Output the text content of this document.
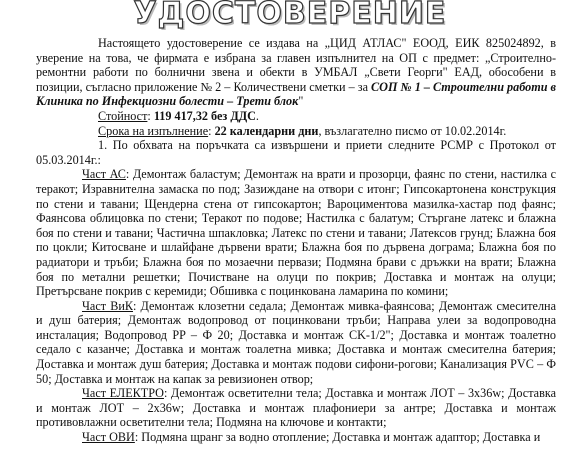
УДОСТОВЕРЕНИЕ

Настоящето удостоверение се издава на „ЦИД АТЛАС" ЕООД, ЕИК 825024892, в уверение на това, че фирмата е избрана за главен изпълнител на ОП с предмет: „Строително-ремонтни работи по болнични звена и обекти в УМБАЛ „Свети Георги" ЕАД, обособени в позиции, съгласно приложение № 2 – Количествени сметки – за СОП № 1 – Строителни работи в Клиника по Инфекциозни болести – Трети блок"

Стойност: 119 417,32 без ДДС.

Срока на изпълнение: 22 календарни дни, възлагателно писмо от 10.02.2014г.

1. По обхвата на поръчката са извършени и приети следните РСМР с Протокол от 05.03.2014г.:

Част АС: Демонтаж баластум; Демонтаж на врати и прозорци, фаянс по стени, настилка с теракот; Изравнителна замаска по под; Зазиждане на отвори с итонг; Гипсокартонена конструкция по стени и тавани; Щендерна стена от гипсокартон; Вароциментова мазилка-хастар под фаянс; Фаянсова облицовка по стени; Теракот по подове; Настилка с балатум; Стъргане латекс и блажна боя по стени и тавани; Частична шпакловка; Латекс по стени и тавани; Латексов грунд; Блажна боя по цокли; Китосване и шлайфане дървени врати; Блажна боя по дървена дограма; Блажна боя по радиатори и тръби; Блажна боя по мозаечни первази; Подмяна брави с дръжки на врати; Блажна боя по метални решетки; Почистване на олуци по покрив; Доставка и монтаж на олуци; Претърсване покрив с керемиди; Обшивка с поцинкована ламарина по комини;

Част ВиК: Демонтаж клозетни седала; Демонтаж мивка-фаянсова; Демонтаж смесителна и душ батерия; Демонтаж водопровод от поцинковани тръби; Направа улеи за водопроводна инсталация; Водопровод PP – Ф 20; Доставка и монтаж CK-1/2"; Доставка и монтаж тоалетно седало с казанче; Доставка и монтаж тоалетна мивка; Доставка и монтаж смесителна батерия; Доставка и монтаж душ батерия; Доставка и монтаж подови сифони-рогови; Канализация PVC – Ф 50; Доставка и монтаж на капак за ревизионен отвор;

Част ЕЛЕКТРО: Демонтаж осветителни тела; Доставка и монтаж ЛОТ – 3х36w; Доставка и монтаж ЛОТ – 2х36w; Доставка и монтаж плафониери за антре; Доставка и монтаж противовлажни осветителни тела; Подмяна на ключове и контакти;

Част ОВИ: Подмяна щранг за водно отопление; Доставка и монтаж адаптор; Доставка и
